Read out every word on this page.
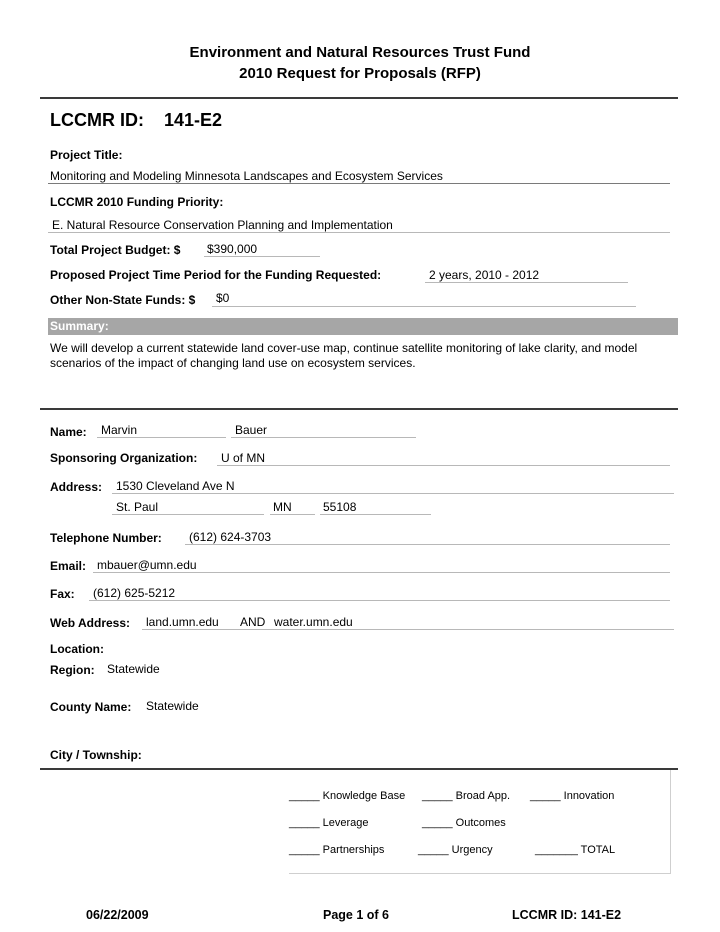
Environment and Natural Resources Trust Fund
2010 Request for Proposals (RFP)
LCCMR ID: 141-E2
Project Title:
Monitoring and Modeling Minnesota Landscapes and Ecosystem Services
LCCMR 2010 Funding Priority:
E. Natural Resource Conservation Planning and Implementation
Total Project Budget: $ $390,000
Proposed Project Time Period for the Funding Requested:	2 years, 2010 - 2012
Other Non-State Funds: $ $0
Summary:
We will develop a current statewide land cover-use map, continue satellite monitoring of lake clarity, and model scenarios of the impact of changing land use on ecosystem services.
Name: Marvin	Bauer
Sponsoring Organization: U of MN
Address: 1530 Cleveland Ave N
St. Paul	MN	55108
Telephone Number: (612) 624-3703
Email: mbauer@umn.edu
Fax: (612) 625-5212
Web Address: land.umn.edu AND water.umn.edu
Location:
Region: Statewide
County Name: Statewide
City / Township:
_____ Knowledge Base _____ Broad App. _____ Innovation
_____ Leverage	_____ Outcomes
_____ Partnerships	_____ Urgency	_______ TOTAL
06/22/2009	Page 1 of 6	LCCMR ID: 141-E2
